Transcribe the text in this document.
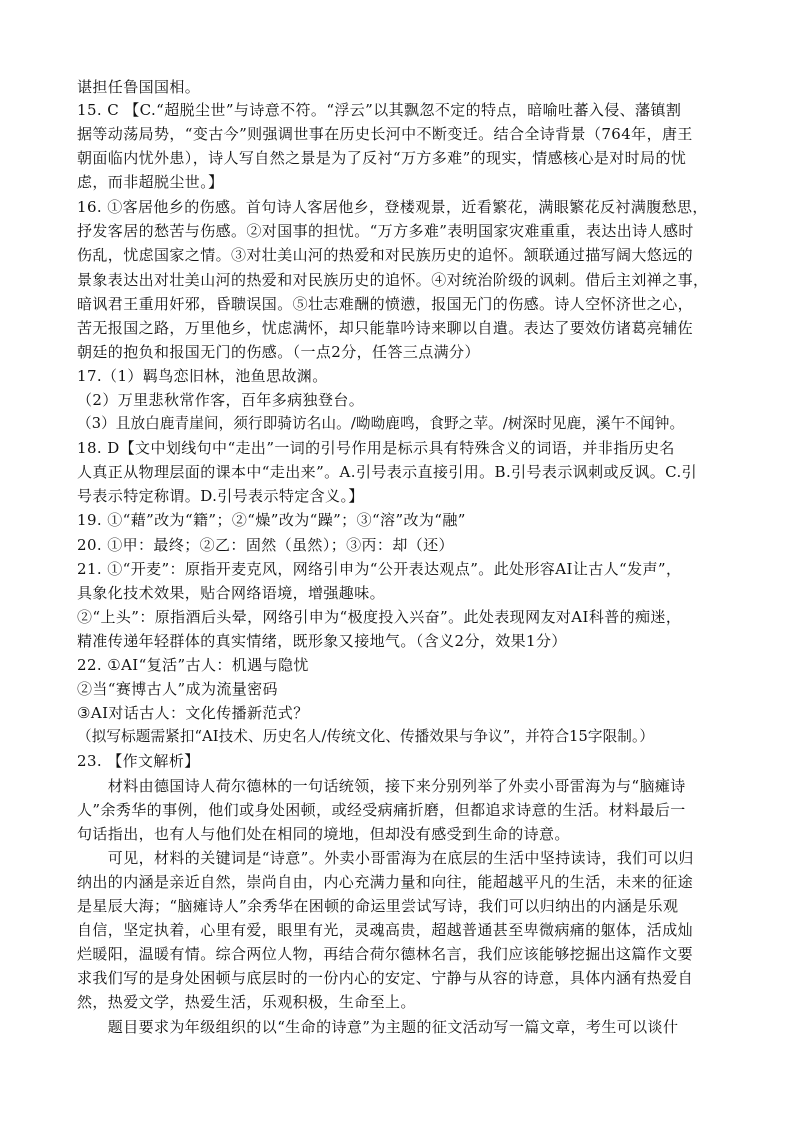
谌担任鲁国国相。
15. C 【C.“超脱尘世”与诗意不符。“浮云”以其飘忽不定的特点，暗喻吐蕃入侵、藩镇割
据等动荡局势，“变古今”则强调世事在历史长河中不断变迁。结合全诗背景（764年，唐王
朝面临内忧外患），诗人写自然之景是为了反衬“万方多难”的现实，情感核心是对时局的忧
虑，而非超脱尘世。】
16. ①客居他乡的伤感。首句诗人客居他乡，登楼观景，近看繁花，满眼繁花反衬满腹愁思，
抒发客居的愁苦与伤感。②对国事的担忧。“万方多难”表明国家灾难重重，表达出诗人感时
伤乱，忧虑国家之情。③对壮美山河的热爱和对民族历史的追怀。颔联通过描写阔大悠远的
景象表达出对壮美山河的热爱和对民族历史的追怀。④对统治阶级的讽刺。借后主刘禅之事，
暗讽君王重用奸邪，昏聩误国。⑤壮志难酬的愤懑，报国无门的伤感。诗人空怀济世之心，
苦无报国之路，万里他乡，忧虑满怀，却只能靠吟诗来聊以自遣。表达了要效仿诸葛亮辅佐
朝廷的抱负和报国无门的伤感。（一点2分，任答三点满分）
17.（1）羁鸟恋旧林，池鱼思故渊。
（2）万里悲秋常作客，百年多病独登台。
（3）且放白鹿青崖间，须行即骑访名山。/呦呦鹿鸣，食野之苹。/树深时见鹿，溪午不闻钟。
18. D【文中划线句中“走出”一词的引号作用是标示具有特殊含义的词语，并非指历史名
人真正从物理层面的课本中“走出来”。A.引号表示直接引用。B.引号表示讽刺或反讽。C.引
号表示特定称谓。D.引号表示特定含义。】
19. ①“藉”改为“籍”；②“燥”改为“躁”；③“溶”改为“融”
20. ①甲：最终；②乙：固然（虽然）；③丙：却（还）
21. ①“开麦”：原指开麦克风，网络引申为“公开表达观点”。此处形容AI让古人“发声”，
具象化技术效果，贴合网络语境，增强趣味。
②“上头”：原指酒后头晕，网络引申为“极度投入兴奋”。此处表现网友对AI科普的痴迷，
精准传递年轻群体的真实情绪，既形象又接地气。（含义2分，效果1分）
22. ①AI“复活”古人：机遇与隐忧
②当“赛博古人”成为流量密码
③AI对话古人：文化传播新范式？
（拟写标题需紧扣“AI技术、历史名人/传统文化、传播效果与争议”，并符合15字限制。）
23. 【作文解析】
　　材料由德国诗人荷尔德林的一句话统领，接下来分别列举了外卖小哥雷海为与“脑瘫诗
人”余秀华的事例，他们或身处困顿，或经受病痛折磨，但都追求诗意的生活。材料最后一
句话指出，也有人与他们处在相同的境地，但却没有感受到生命的诗意。
　　可见，材料的关键词是“诗意”。外卖小哥雷海为在底层的生活中坚持读诗，我们可以归
纳出的内涵是亲近自然，崇尚自由，内心充满力量和向往，能超越平凡的生活，未来的征途
是星辰大海；“脑瘫诗人”余秀华在困顿的命运里尝试写诗，我们可以归纳出的内涵是乐观
自信，坚定执着，心里有爱，眼里有光，灵魂高贵，超越普通甚至卑微病痛的躯体，活成灿
烂暖阳，温暖有情。综合两位人物，再结合荷尔德林名言，我们应该能够挖掘出这篇作文要
求我们写的是身处困顿与底层时的一份内心的安定、宁静与从容的诗意，具体内涵有热爱自
然，热爱文学，热爱生活，乐观积极，生命至上。
　　题目要求为年级组织的以“生命的诗意”为主题的征文活动写一篇文章，考生可以谈什
